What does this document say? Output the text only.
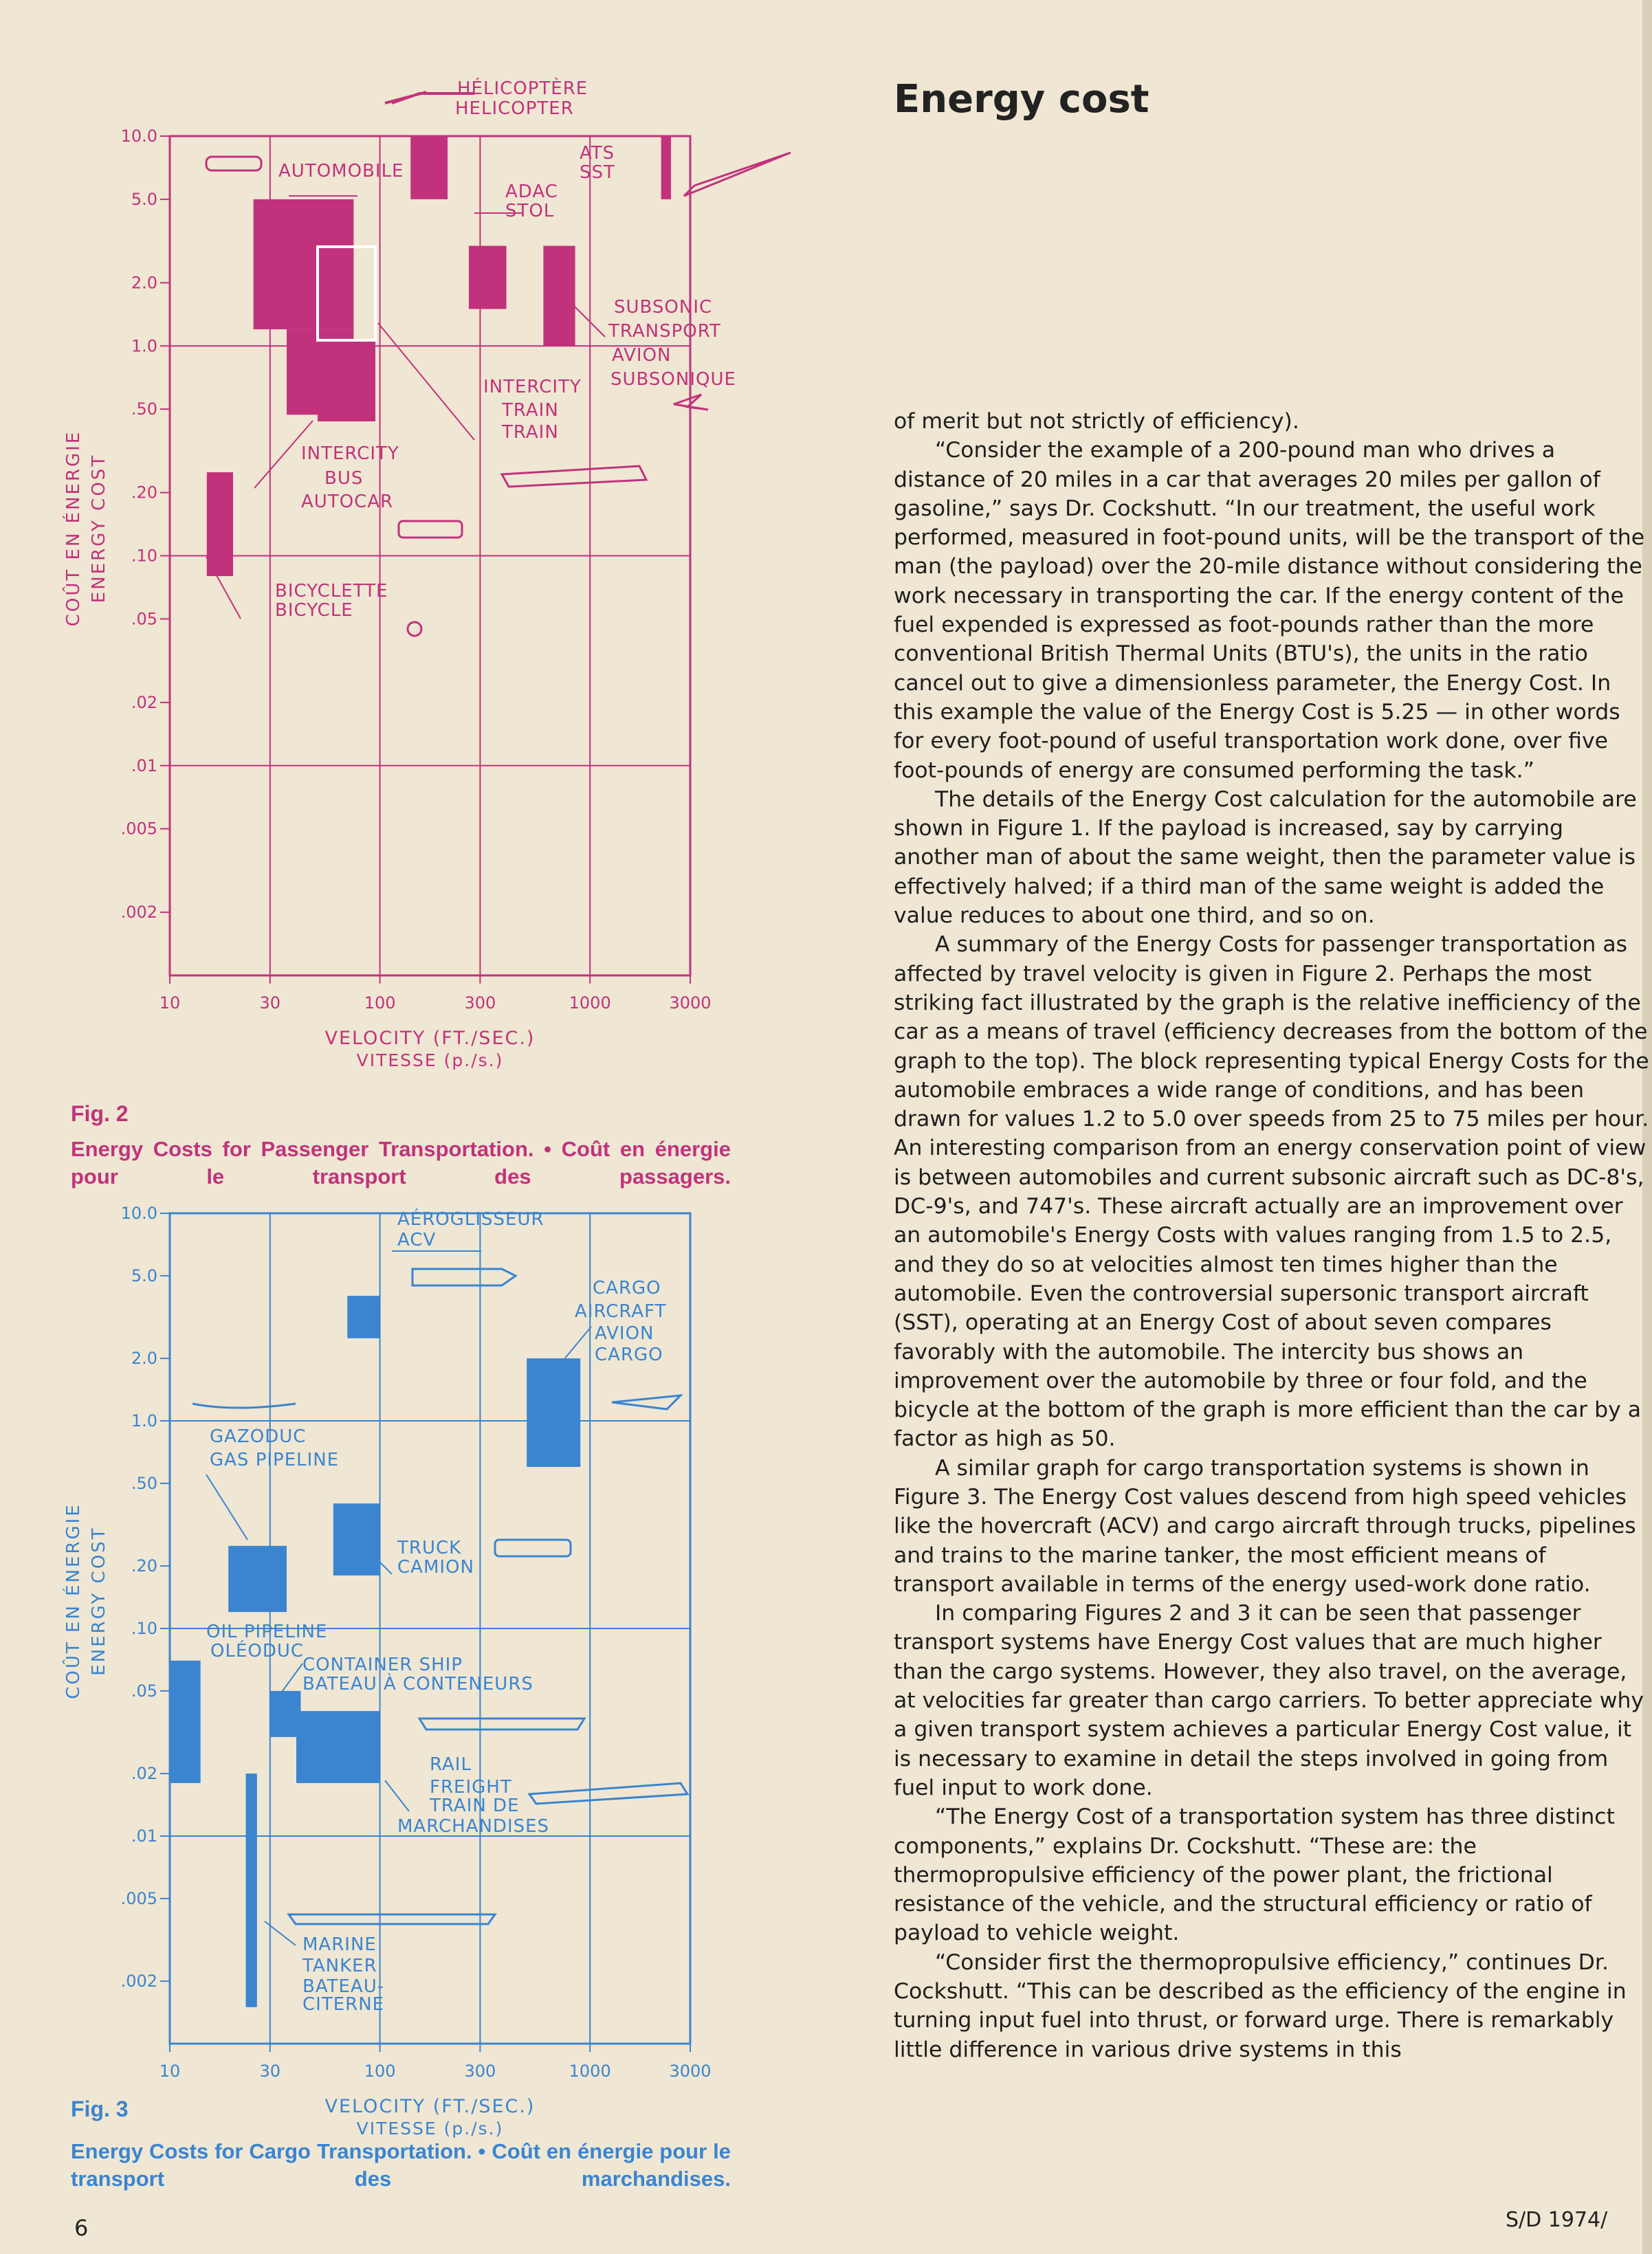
10	30	100	300	1000	3000
10.0
5.0
2.0
1.0
.50
.20
.10
.05
.02
.01
.005
.002
VELOCITY (FT./SEC.)
VITESSE (p./s.)
COÛT EN ÉNERGIE ENERGY COST
HÉLICOPTÈRE
HELICOPTER
AUTOMOBILE
ATS
SST
ADAC
STOL
SUBSONIC
TRANSPORT
AVION
SUBSONIQUE
INTERCITY
TRAIN
TRAIN
INTERCITY
BUS
AUTOCAR
BICYCLETTE
BICYCLE
Fig. 2
Energy Costs for Passenger Transportation. • Coût en énergie pour le transport des passagers.
10	30	100	300	1000	3000
10.0
5.0
2.0
1.0
.50
.20
.10
.05
.02
.01
.005
.002
VELOCITY (FT./SEC.)
VITESSE (p./s.)
COÛT EN ÉNERGIE ENERGY COST
AÉROGLISSEUR
ACV
CARGO
AIRCRAFT
AVION
CARGO
GAZODUC
GAS PIPELINE
TRUCK
CAMION
OIL PIPELINE
OLÉODUC
CONTAINER SHIP
BATEAU À CONTENEURS
RAIL
FREIGHT
TRAIN DE
MARCHANDISES
MARINE
TANKER
BATEAU-
CITERNE
Fig. 3
Energy Costs for Cargo Transportation. • Coût en énergie pour le transport des marchandises.
Energy cost

of merit but not strictly of efficiency).

“Consider the example of a 200-pound man who drives a distance of 20 miles in a car that averages 20 miles per gallon of gasoline,” says Dr. Cockshutt. “In our treatment, the useful work performed, measured in foot-pound units, will be the transport of the man (the payload) over the 20-mile distance without considering the work necessary in transporting the car. If the energy content of the fuel expended is expressed as foot-pounds rather than the more conventional British Thermal Units (BTU's), the units in the ratio cancel out to give a dimensionless parameter, the Energy Cost. In this example the value of the Energy Cost is 5.25 — in other words for every foot-pound of useful transportation work done, over five foot-pounds of energy are consumed performing the task.”

The details of the Energy Cost calculation for the automobile are shown in Figure 1. If the payload is increased, say by carrying another man of about the same weight, then the parameter value is effectively halved; if a third man of the same weight is added the value reduces to about one third, and so on.

A summary of the Energy Costs for passenger transportation as affected by travel velocity is given in Figure 2. Perhaps the most striking fact illustrated by the graph is the relative inefficiency of the car as a means of travel (efficiency decreases from the bottom of the graph to the top). The block representing typical Energy Costs for the automobile embraces a wide range of conditions, and has been drawn for values 1.2 to 5.0 over speeds from 25 to 75 miles per hour. An interesting comparison from an energy conservation point of view is between automobiles and current subsonic aircraft such as DC-8's, DC-9's, and 747's. These aircraft actually are an improvement over an automobile's Energy Costs with values ranging from 1.5 to 2.5, and they do so at velocities almost ten times higher than the automobile. Even the controversial supersonic transport aircraft (SST), operating at an Energy Cost of about seven compares favorably with the automobile. The intercity bus shows an improvement over the automobile by three or four fold, and the bicycle at the bottom of the graph is more efficient than the car by a factor as high as 50.

A similar graph for cargo transportation systems is shown in Figure 3. The Energy Cost values descend from high speed vehicles like the hovercraft (ACV) and cargo aircraft through trucks, pipelines and trains to the marine tanker, the most efficient means of transport available in terms of the energy used-work done ratio.

In comparing Figures 2 and 3 it can be seen that passenger transport systems have Energy Cost values that are much higher than the cargo systems. However, they also travel, on the average, at velocities far greater than cargo carriers. To better appreciate why a given transport system achieves a particular Energy Cost value, it is necessary to examine in detail the steps involved in going from fuel input to work done.

“The Energy Cost of a transportation system has three distinct components,” explains Dr. Cockshutt. “These are: the thermopropulsive efficiency of the power plant, the frictional resistance of the vehicle, and the structural efficiency or ratio of payload to vehicle weight.

“Consider first the thermopropulsive efficiency,” continues Dr. Cockshutt. “This can be described as the efficiency of the engine in turning input fuel into thrust, or forward urge. There is remarkably little difference in various drive systems in this

6	S/D 1974/
